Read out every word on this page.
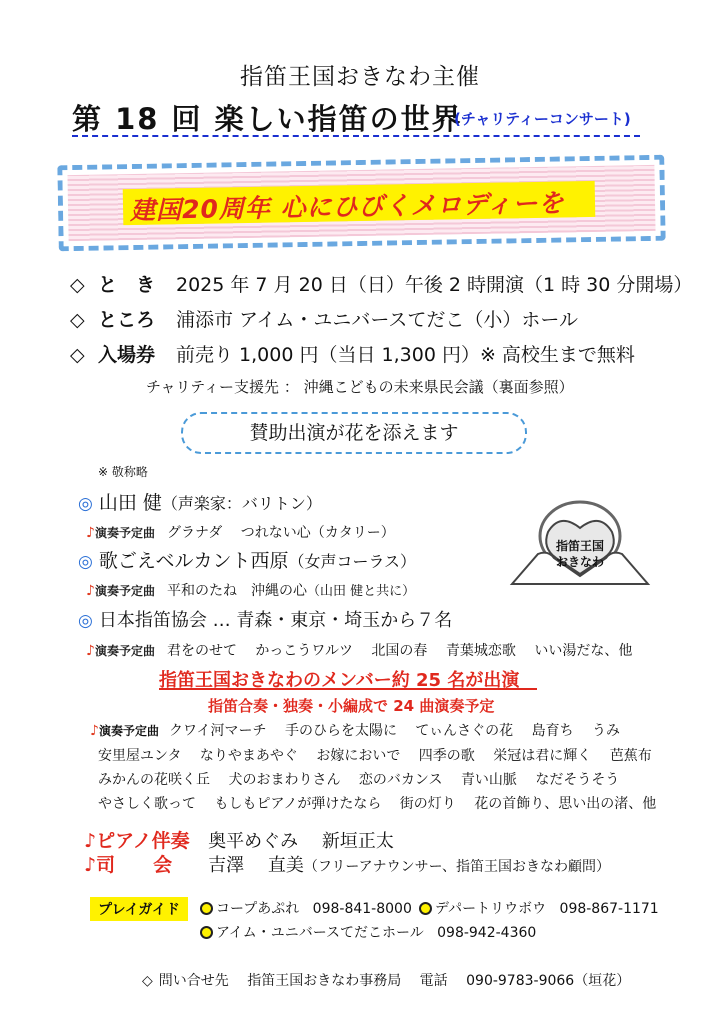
指笛王国おきなわ主催
第 18 回 楽しい指笛の世界
(チャリティーコンサート)
建国20周年 心にひびくメロディーを
◇ と　き 2025 年 7 月 20 日（日）午後 2 時開演（1 時 30 分開場）
◇ ところ 浦添市 アイム・ユニバースてだこ（小）ホール
◇ 入場券 前売り 1,000 円（当日 1,300 円）※ 高校生まで無料
チャリティー支援先 ： 沖縄こどもの未来県民会議（裏面参照）
賛助出演が花を添えます
※ 敬称略
◎ 山田 健（声楽家：バリトン）
♪演奏予定曲 グラナダ　 つれない心（カタリー）
◎ 歌ごえベルカント西原（女声コーラス）
♪演奏予定曲 平和のたね　沖縄の心（山田 健と共に）
◎ 日本指笛協会 … 青森・東京・埼玉から７名
♪演奏予定曲 君をのせて　 かっこうワルツ　 北国の春　 青葉城恋歌　 いい湯だな、他
指笛王国
おきなわ
指笛王国おきなわのメンバー約 25 名が出演
指笛合奏・独奏・小編成で 24 曲演奏予定
♪演奏予定曲 クワイ河マーチ　 手のひらを太陽に　 てぃんさぐの花　 島育ち　 うみ
安里屋ユンタ　 なりやまあやぐ　 お嫁においで　 四季の歌　 栄冠は君に輝く　 芭蕉布
みかんの花咲く丘　 犬のおまわりさん　 恋のバカンス　 青い山脈　 なだそうそう
やさしく歌って　 もしもピアノが弾けたなら　 街の灯り　 花の首飾り、思い出の渚、他
♪ピアノ伴奏 奥平めぐみ　 新垣正太
♪司　　会 吉澤　 直美（フリーアナウンサー、指笛王国おきなわ顧問）
プレイガイド	コープあぷれ 098-841-8000	デパートリウボウ 098-867-1171
アイム・ユニバースてだこホール 098-942-4360
◇ 問い合せ先　 指笛王国おきなわ事務局　 電話　 090-9783-9066（垣花）
